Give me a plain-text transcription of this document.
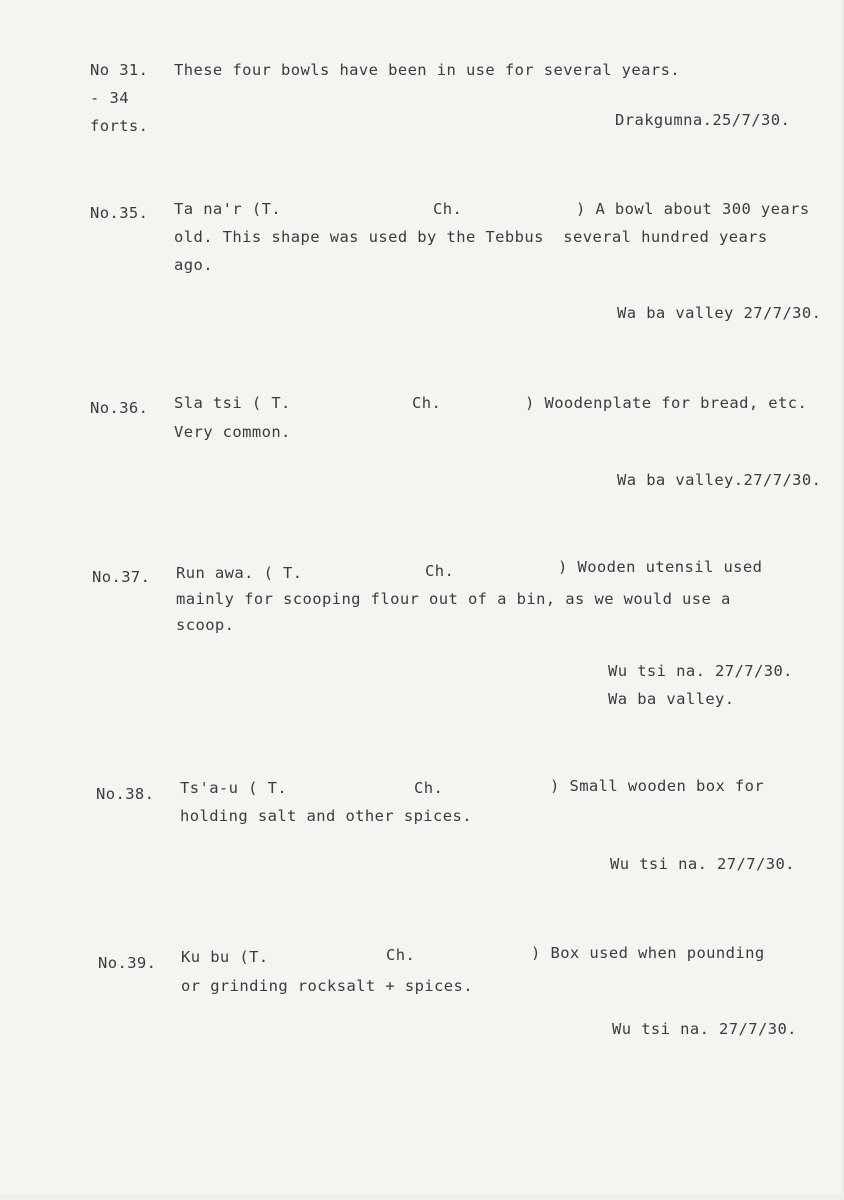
No 31.
- 34
forts.
These four bowls have been in use for several years.
Drakgumna.25/7/30.
No.35. Ta na'r (T.	Ch.	) A bowl about 300 years
old. This shape was used by the Tebbus  several hundred years
ago.
Wa ba valley 27/7/30.
No.36. Sla tsi ( T.	Ch.	) Woodenplate for bread, etc.
Very common.
Wa ba valley.27/7/30.
No.37. Run awa. ( T.	Ch.	) Wooden utensil used
mainly for scooping flour out of a bin, as we would use a
scoop.
Wu tsi na. 27/7/30.
Wa ba valley.
No.38. Ts'a-u ( T.	Ch.	) Small wooden box for
holding salt and other spices.
Wu tsi na. 27/7/30.
No.39. Ku bu (T.	Ch.	) Box used when pounding
or grinding rocksalt + spices.
Wu tsi na. 27/7/30.
